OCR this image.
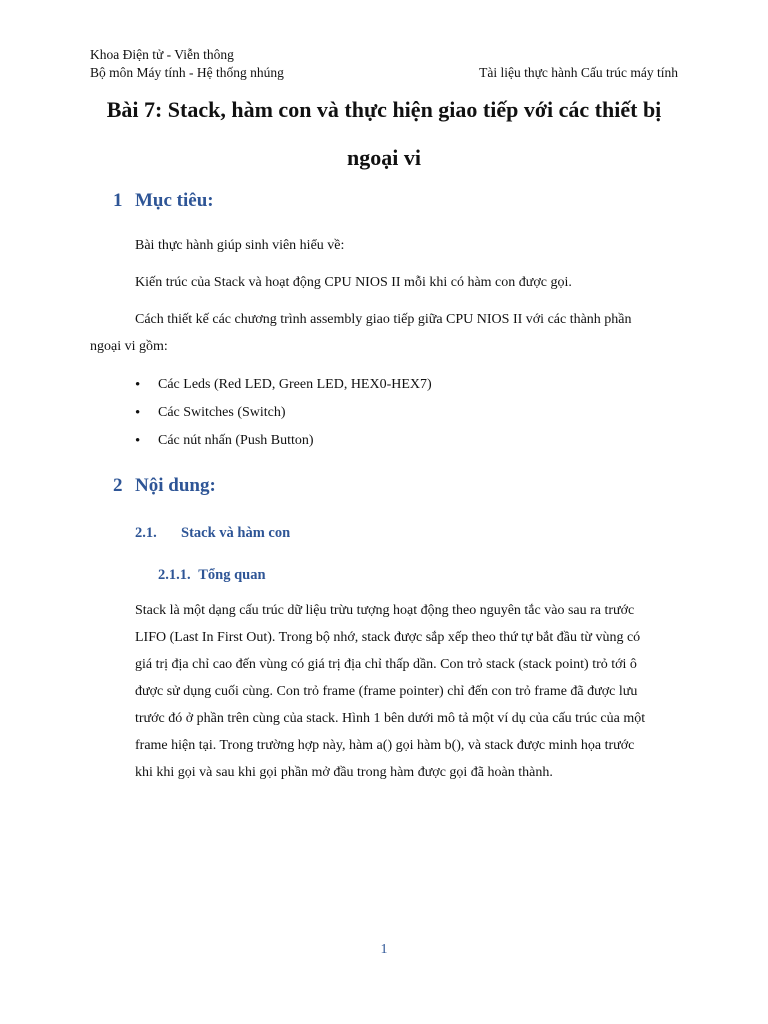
Khoa Điện tử - Viễn thông
Bộ môn Máy tính - Hệ thống nhúng	Tài liệu thực hành Cấu trúc máy tính
Bài 7: Stack, hàm con và thực hiện giao tiếp với các thiết bị
ngoại vi
1 Mục tiêu:
Bài thực hành giúp sinh viên hiểu về:
Kiến trúc của Stack và hoạt động CPU NIOS II mỗi khi có hàm con được gọi.
Cách thiết kế các chương trình assembly giao tiếp giữa CPU NIOS II với các thành phần
ngoại vi gồm:
• Các Leds (Red LED, Green LED, HEX0-HEX7)
• Các Switches (Switch)
• Các nút nhấn (Push Button)
2 Nội dung:
2.1. Stack và hàm con
2.1.1. Tổng quan
Stack là một dạng cấu trúc dữ liệu trừu tượng hoạt động theo nguyên tắc vào sau ra trước
LIFO (Last In First Out). Trong bộ nhớ, stack được sắp xếp theo thứ tự bắt đầu từ vùng có
giá trị địa chỉ cao đến vùng có giá trị địa chỉ thấp dần. Con trỏ stack (stack point) trỏ tới ô
được sử dụng cuối cùng. Con trỏ frame (frame pointer) chỉ đến con trỏ frame đã được lưu
trước đó ở phần trên cùng của stack. Hình 1 bên dưới mô tả một ví dụ của cấu trúc của một
frame hiện tại. Trong trường hợp này, hàm a() gọi hàm b(), và stack được minh họa trước
khi khi gọi và sau khi gọi phần mở đầu trong hàm được gọi đã hoàn thành.
1
